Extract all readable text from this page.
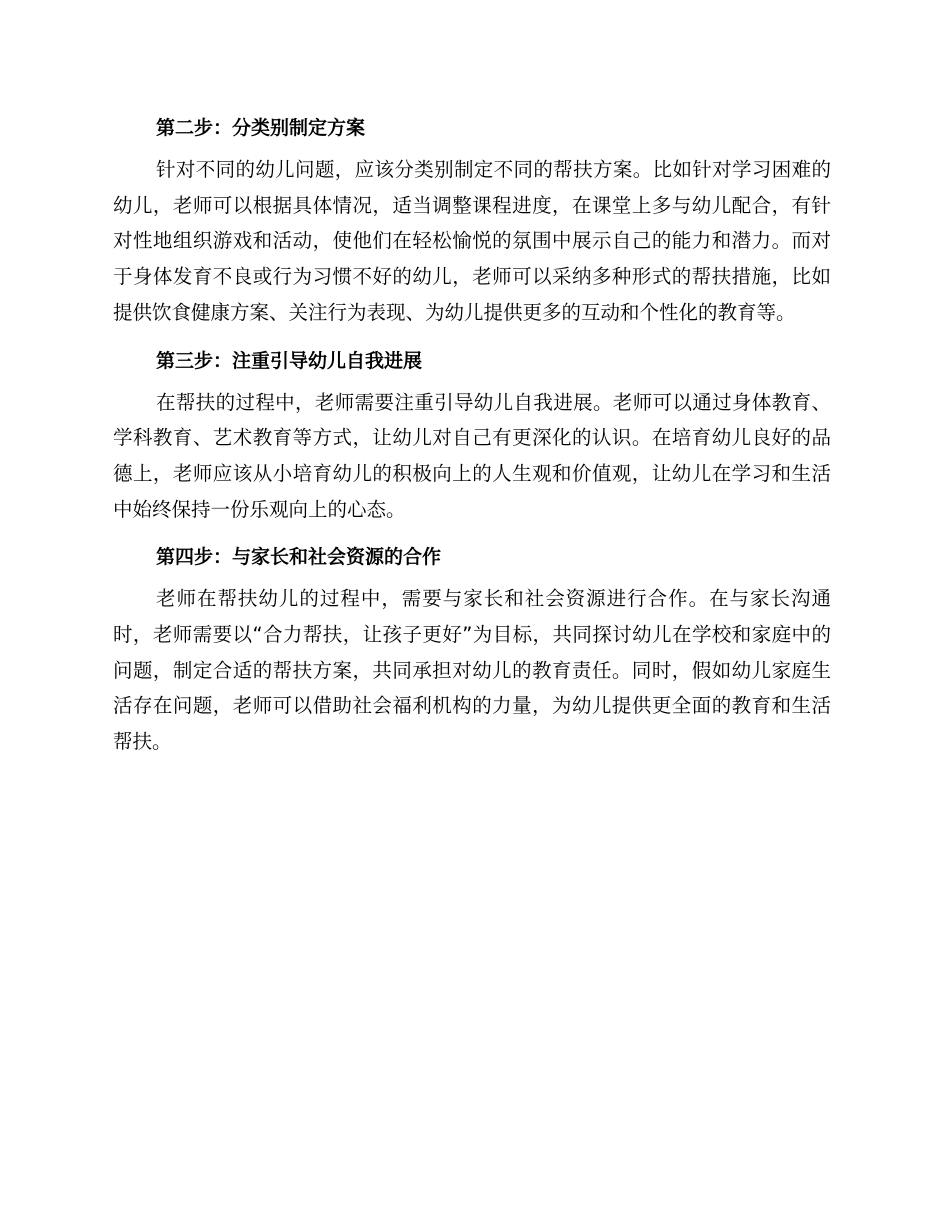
第二步：分类别制定方案

针对不同的幼儿问题，应该分类别制定不同的帮扶方案。比如针对学习困难的幼儿，老师可以根据具体情况，适当调整课程进度，在课堂上多与幼儿配合，有针对性地组织游戏和活动，使他们在轻松愉悦的氛围中展示自己的能力和潜力。而对于身体发育不良或行为习惯不好的幼儿，老师可以采纳多种形式的帮扶措施，比如提供饮食健康方案、关注行为表现、为幼儿提供更多的互动和个性化的教育等。

第三步：注重引导幼儿自我进展

在帮扶的过程中，老师需要注重引导幼儿自我进展。老师可以通过身体教育、学科教育、艺术教育等方式，让幼儿对自己有更深化的认识。在培育幼儿良好的品德上，老师应该从小培育幼儿的积极向上的人生观和价值观，让幼儿在学习和生活中始终保持一份乐观向上的心态。

第四步：与家长和社会资源的合作

老师在帮扶幼儿的过程中，需要与家长和社会资源进行合作。在与家长沟通时，老师需要以“合力帮扶，让孩子更好”为目标，共同探讨幼儿在学校和家庭中的问题，制定合适的帮扶方案，共同承担对幼儿的教育责任。同时，假如幼儿家庭生活存在问题，老师可以借助社会福利机构的力量，为幼儿提供更全面的教育和生活帮扶。
